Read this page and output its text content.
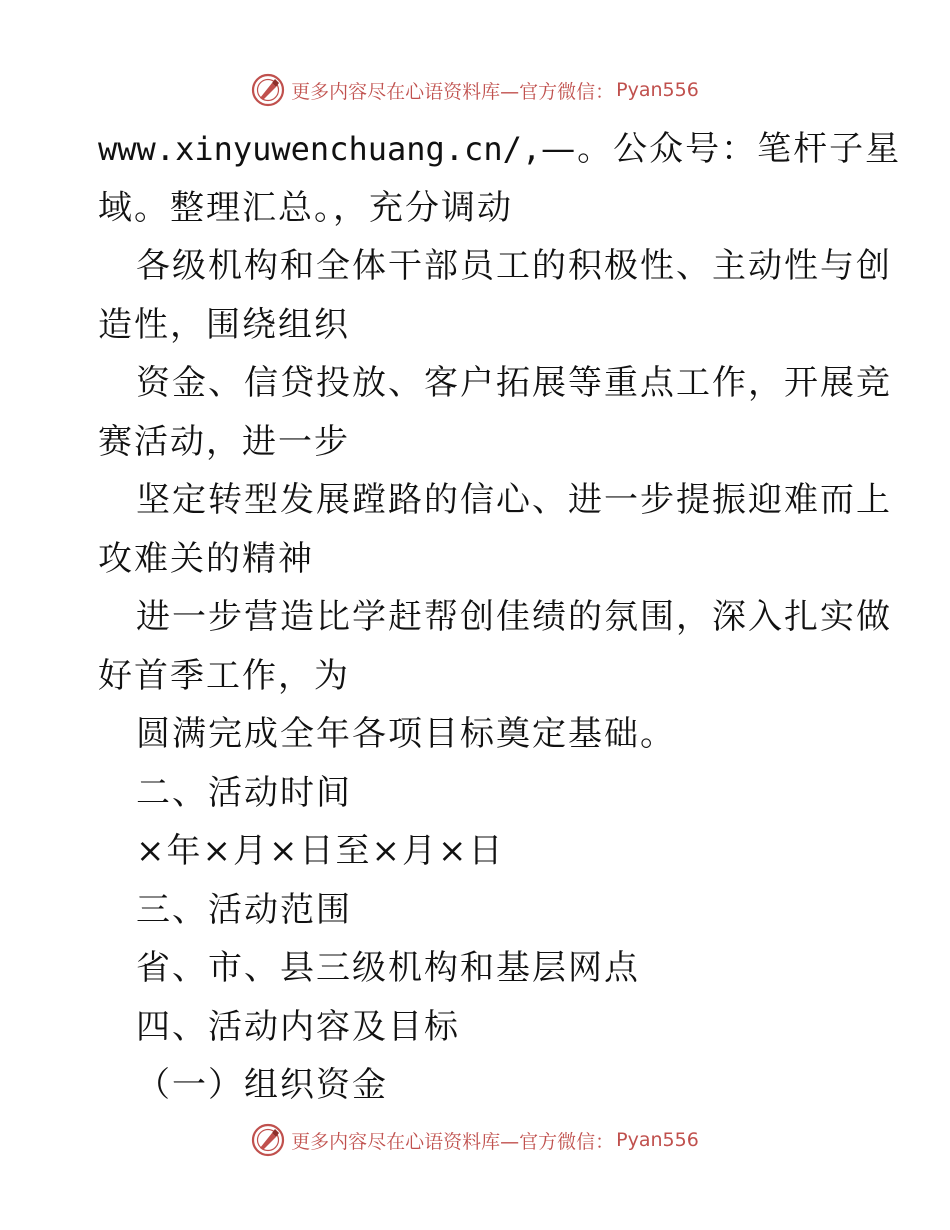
更多内容尽在心语资料库—官方微信： Pyan556

www.xinyuwenchuang.cn/,—。公众号：笔杆子星

域。整理汇总。，充分调动

各级机构和全体干部员工的积极性、主动性与创

造性，围绕组织

资金、信贷投放、客户拓展等重点工作，开展竞

赛活动，进一步

坚定转型发展蹚路的信心、进一步提振迎难而上

攻难关的精神

进一步营造比学赶帮创佳绩的氛围，深入扎实做

好首季工作，为

圆满完成全年各项目标奠定基础。

二、活动时间

×年×月×日至×月×日

三、活动范围

省、市、县三级机构和基层网点

四、活动内容及目标

（一）组织资金

更多内容尽在心语资料库—官方微信： Pyan556
